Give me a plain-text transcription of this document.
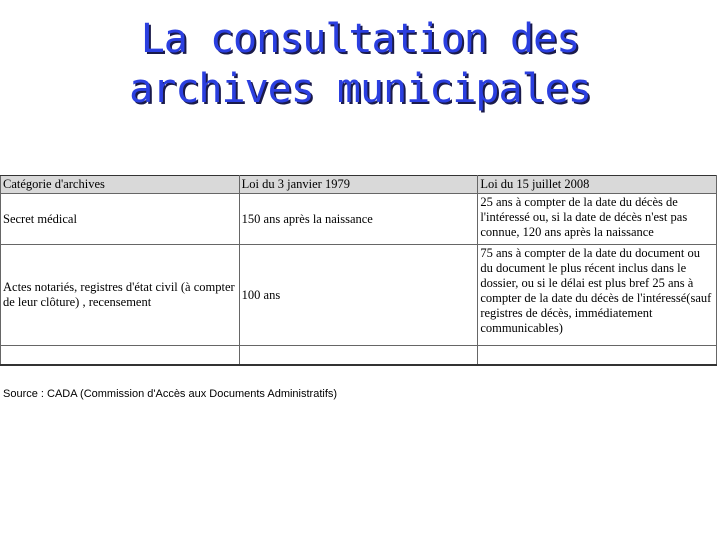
La consultation des
archives municipales
Catégorie d'archives	Loi du 3 janvier 1979	Loi du 15 juillet 2008
Secret médical	150 ans après la naissance	25 ans à compter de la date du décès de l'intéressé ou, si la date de décès n'est pas connue, 120 ans après la naissance
Actes notariés, registres d'état civil (à compter de leur clôture) , recensement	100 ans	75 ans à compter de la date du document ou du document le plus récent inclus dans le dossier, ou si le délai est plus bref 25 ans à compter de la date du décès de l'intéressé(sauf registres de décès, immédiatement communicables)

Source : CADA (Commission d'Accès aux Documents Administratifs)
